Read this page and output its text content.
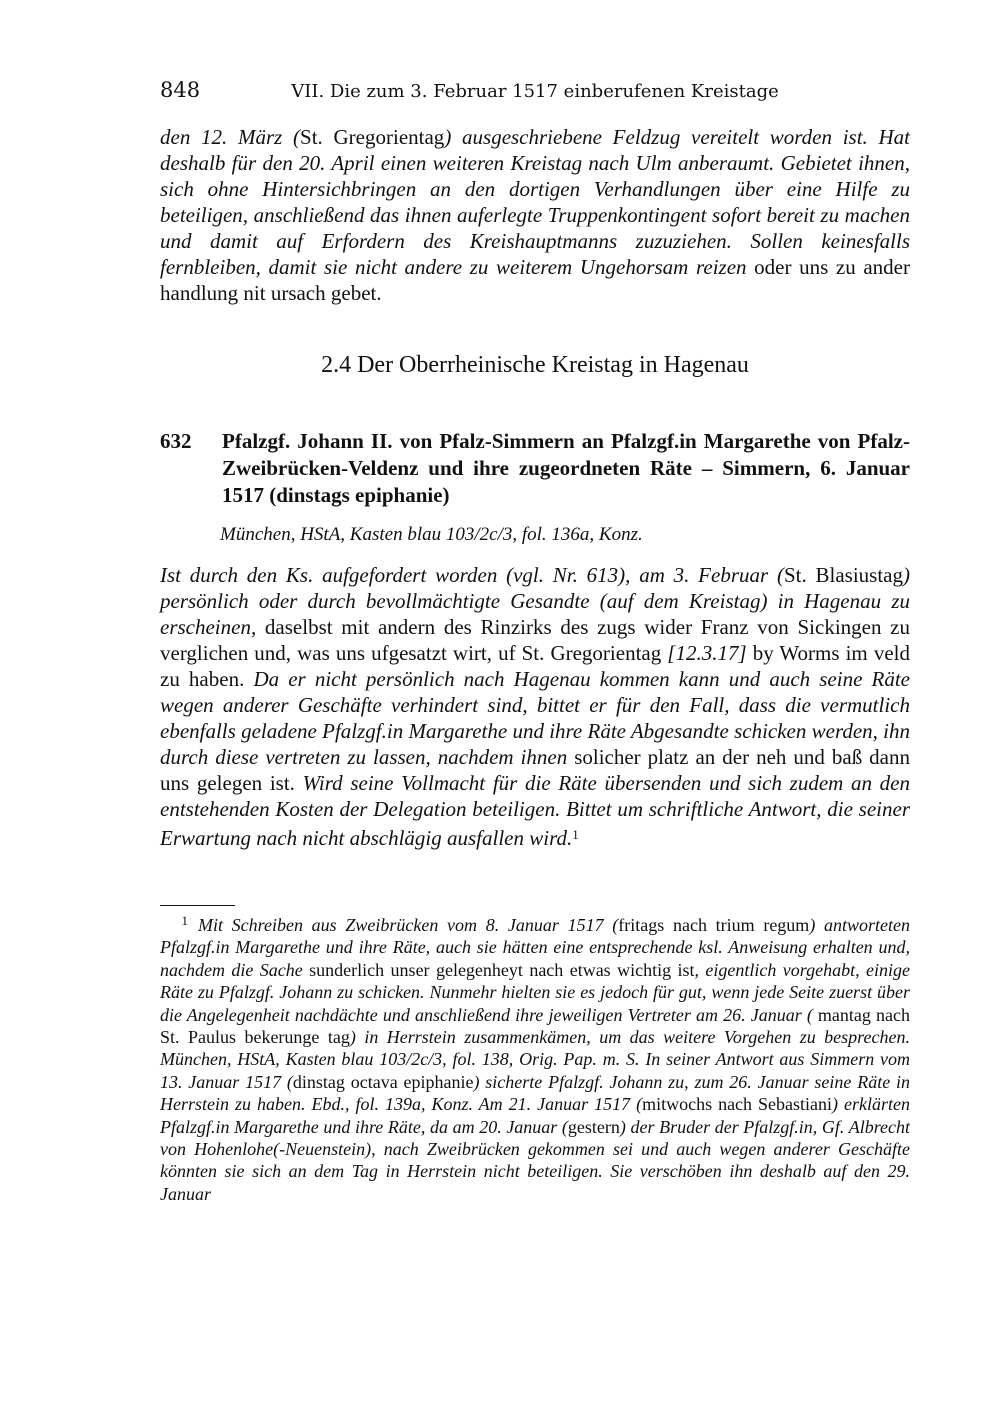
848	VII. Die zum 3. Februar 1517 einberufenen Kreistage

den 12. März (St. Gregorientag) ausgeschriebene Feldzug vereitelt worden ist. Hat deshalb für den 20. April einen weiteren Kreistag nach Ulm anberaumt. Gebietet ihnen, sich ohne Hintersichbringen an den dortigen Verhandlungen über eine Hilfe zu beteiligen, anschließend das ihnen auferlegte Truppenkontingent sofort bereit zu machen und damit auf Erfordern des Kreishauptmanns zuzuziehen. Sollen keinesfalls fernbleiben, damit sie nicht andere zu weiterem Ungehorsam reizen oder uns zu ander handlung nit ursach gebet.

2.4 Der Oberrheinische Kreistag in Hagenau
632 Pfalzgf. Johann II. von Pfalz-Simmern an Pfalzgf.in Margarethe von Pfalz-Zweibrücken-Veldenz und ihre zugeordneten Räte – Simmern, 6. Januar 1517 (dinstags epiphanie)
München, HStA, Kasten blau 103/2c/3, fol. 136a, Konz.

Ist durch den Ks. aufgefordert worden (vgl. Nr. 613), am 3. Februar (St. Blasiustag) persönlich oder durch bevollmächtigte Gesandte (auf dem Kreistag) in Hagenau zu erscheinen, daselbst mit andern des Rinzirks des zugs wider Franz von Sickingen zu verglichen und, was uns ufgesatzt wirt, uf St. Gregorientag [12.3.17] by Worms im veld zu haben. Da er nicht persönlich nach Hagenau kommen kann und auch seine Räte wegen anderer Geschäfte verhindert sind, bittet er für den Fall, dass die vermutlich ebenfalls geladene Pfalzgf.in Margarethe und ihre Räte Abgesandte schicken werden, ihn durch diese vertreten zu lassen, nachdem ihnen solicher platz an der neh und baß dann uns gelegen ist. Wird seine Vollmacht für die Räte übersenden und sich zudem an den entstehenden Kosten der Delegation beteiligen. Bittet um schriftliche Antwort, die seiner Erwartung nach nicht abschlägig ausfallen wird.$^1$

$^1$ Mit Schreiben aus Zweibrücken vom 8. Januar 1517 (fritags nach trium regum) antworteten Pfalzgf.in Margarethe und ihre Räte, auch sie hätten eine entsprechende ksl. Anweisung erhalten und, nachdem die Sache sunderlich unser gelegenheyt nach etwas wichtig ist, eigentlich vorgehabt, einige Räte zu Pfalzgf. Johann zu schicken. Nunmehr hielten sie es jedoch für gut, wenn jede Seite zuerst über die Angelegenheit nachdächte und anschließend ihre jeweiligen Vertreter am 26. Januar ( mantag nach St. Paulus bekerunge tag) in Herrstein zusammenkämen, um das weitere Vorgehen zu besprechen. München, HStA, Kasten blau 103/2c/3, fol. 138, Orig. Pap. m. S. In seiner Antwort aus Simmern vom 13. Januar 1517 (dinstag octava epiphanie) sicherte Pfalzgf. Johann zu, zum 26. Januar seine Räte in Herrstein zu haben. Ebd., fol. 139a, Konz. Am 21. Januar 1517 (mitwochs nach Sebastiani) erklärten Pfalzgf.in Margarethe und ihre Räte, da am 20. Januar (gestern) der Bruder der Pfalzgf.in, Gf. Albrecht von Hohenlohe(-Neuenstein), nach Zweibrücken gekommen sei und auch wegen anderer Geschäfte könnten sie sich an dem Tag in Herrstein nicht beteiligen. Sie verschöben ihn deshalb auf den 29. Januar
